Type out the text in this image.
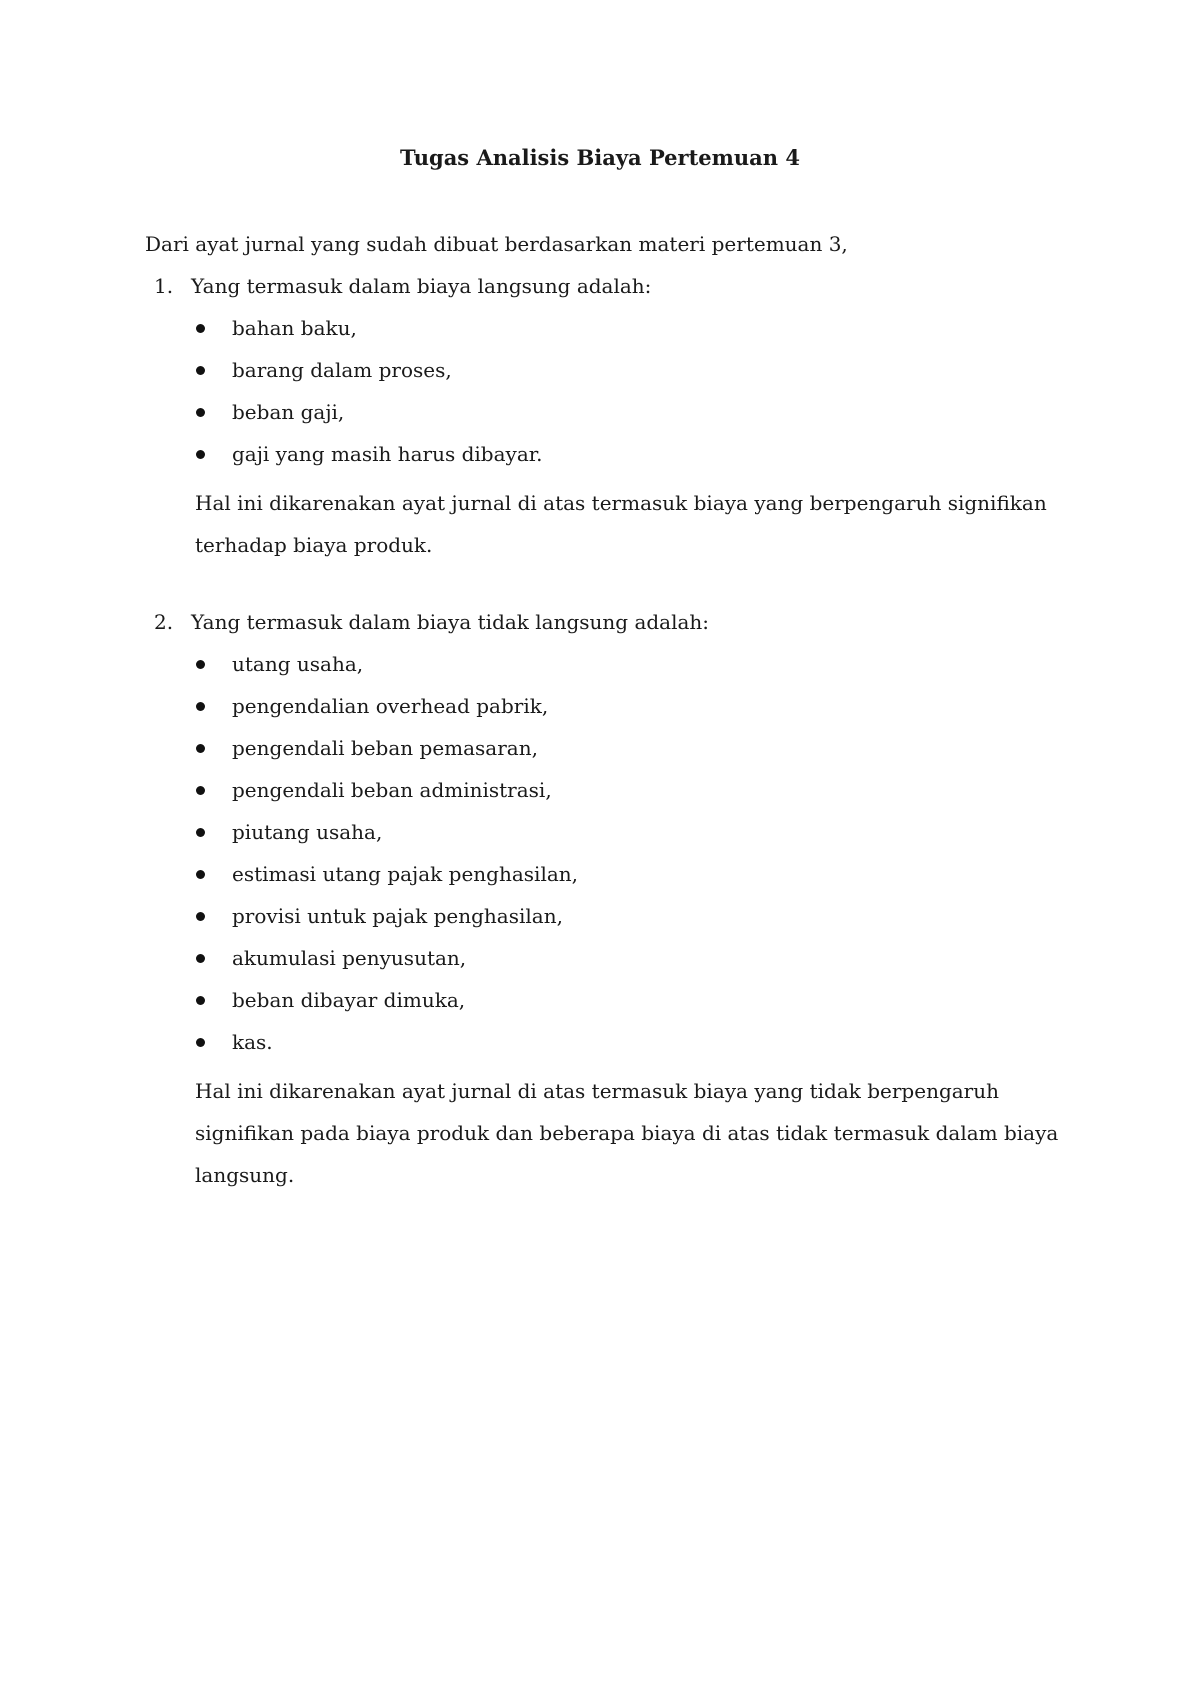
Tugas Analisis Biaya Pertemuan 4
Dari ayat jurnal yang sudah dibuat berdasarkan materi pertemuan 3,
1. Yang termasuk dalam biaya langsung adalah:
bahan baku,
barang dalam proses,
beban gaji,
gaji yang masih harus dibayar.
Hal ini dikarenakan ayat jurnal di atas termasuk biaya yang berpengaruh signifikan terhadap biaya produk.
2. Yang termasuk dalam biaya tidak langsung adalah:
utang usaha,
pengendalian overhead pabrik,
pengendali beban pemasaran,
pengendali beban administrasi,
piutang usaha,
estimasi utang pajak penghasilan,
provisi untuk pajak penghasilan,
akumulasi penyusutan,
beban dibayar dimuka,
kas.
Hal ini dikarenakan ayat jurnal di atas termasuk biaya yang tidak berpengaruh signifikan pada biaya produk dan beberapa biaya di atas tidak termasuk dalam biaya langsung.
